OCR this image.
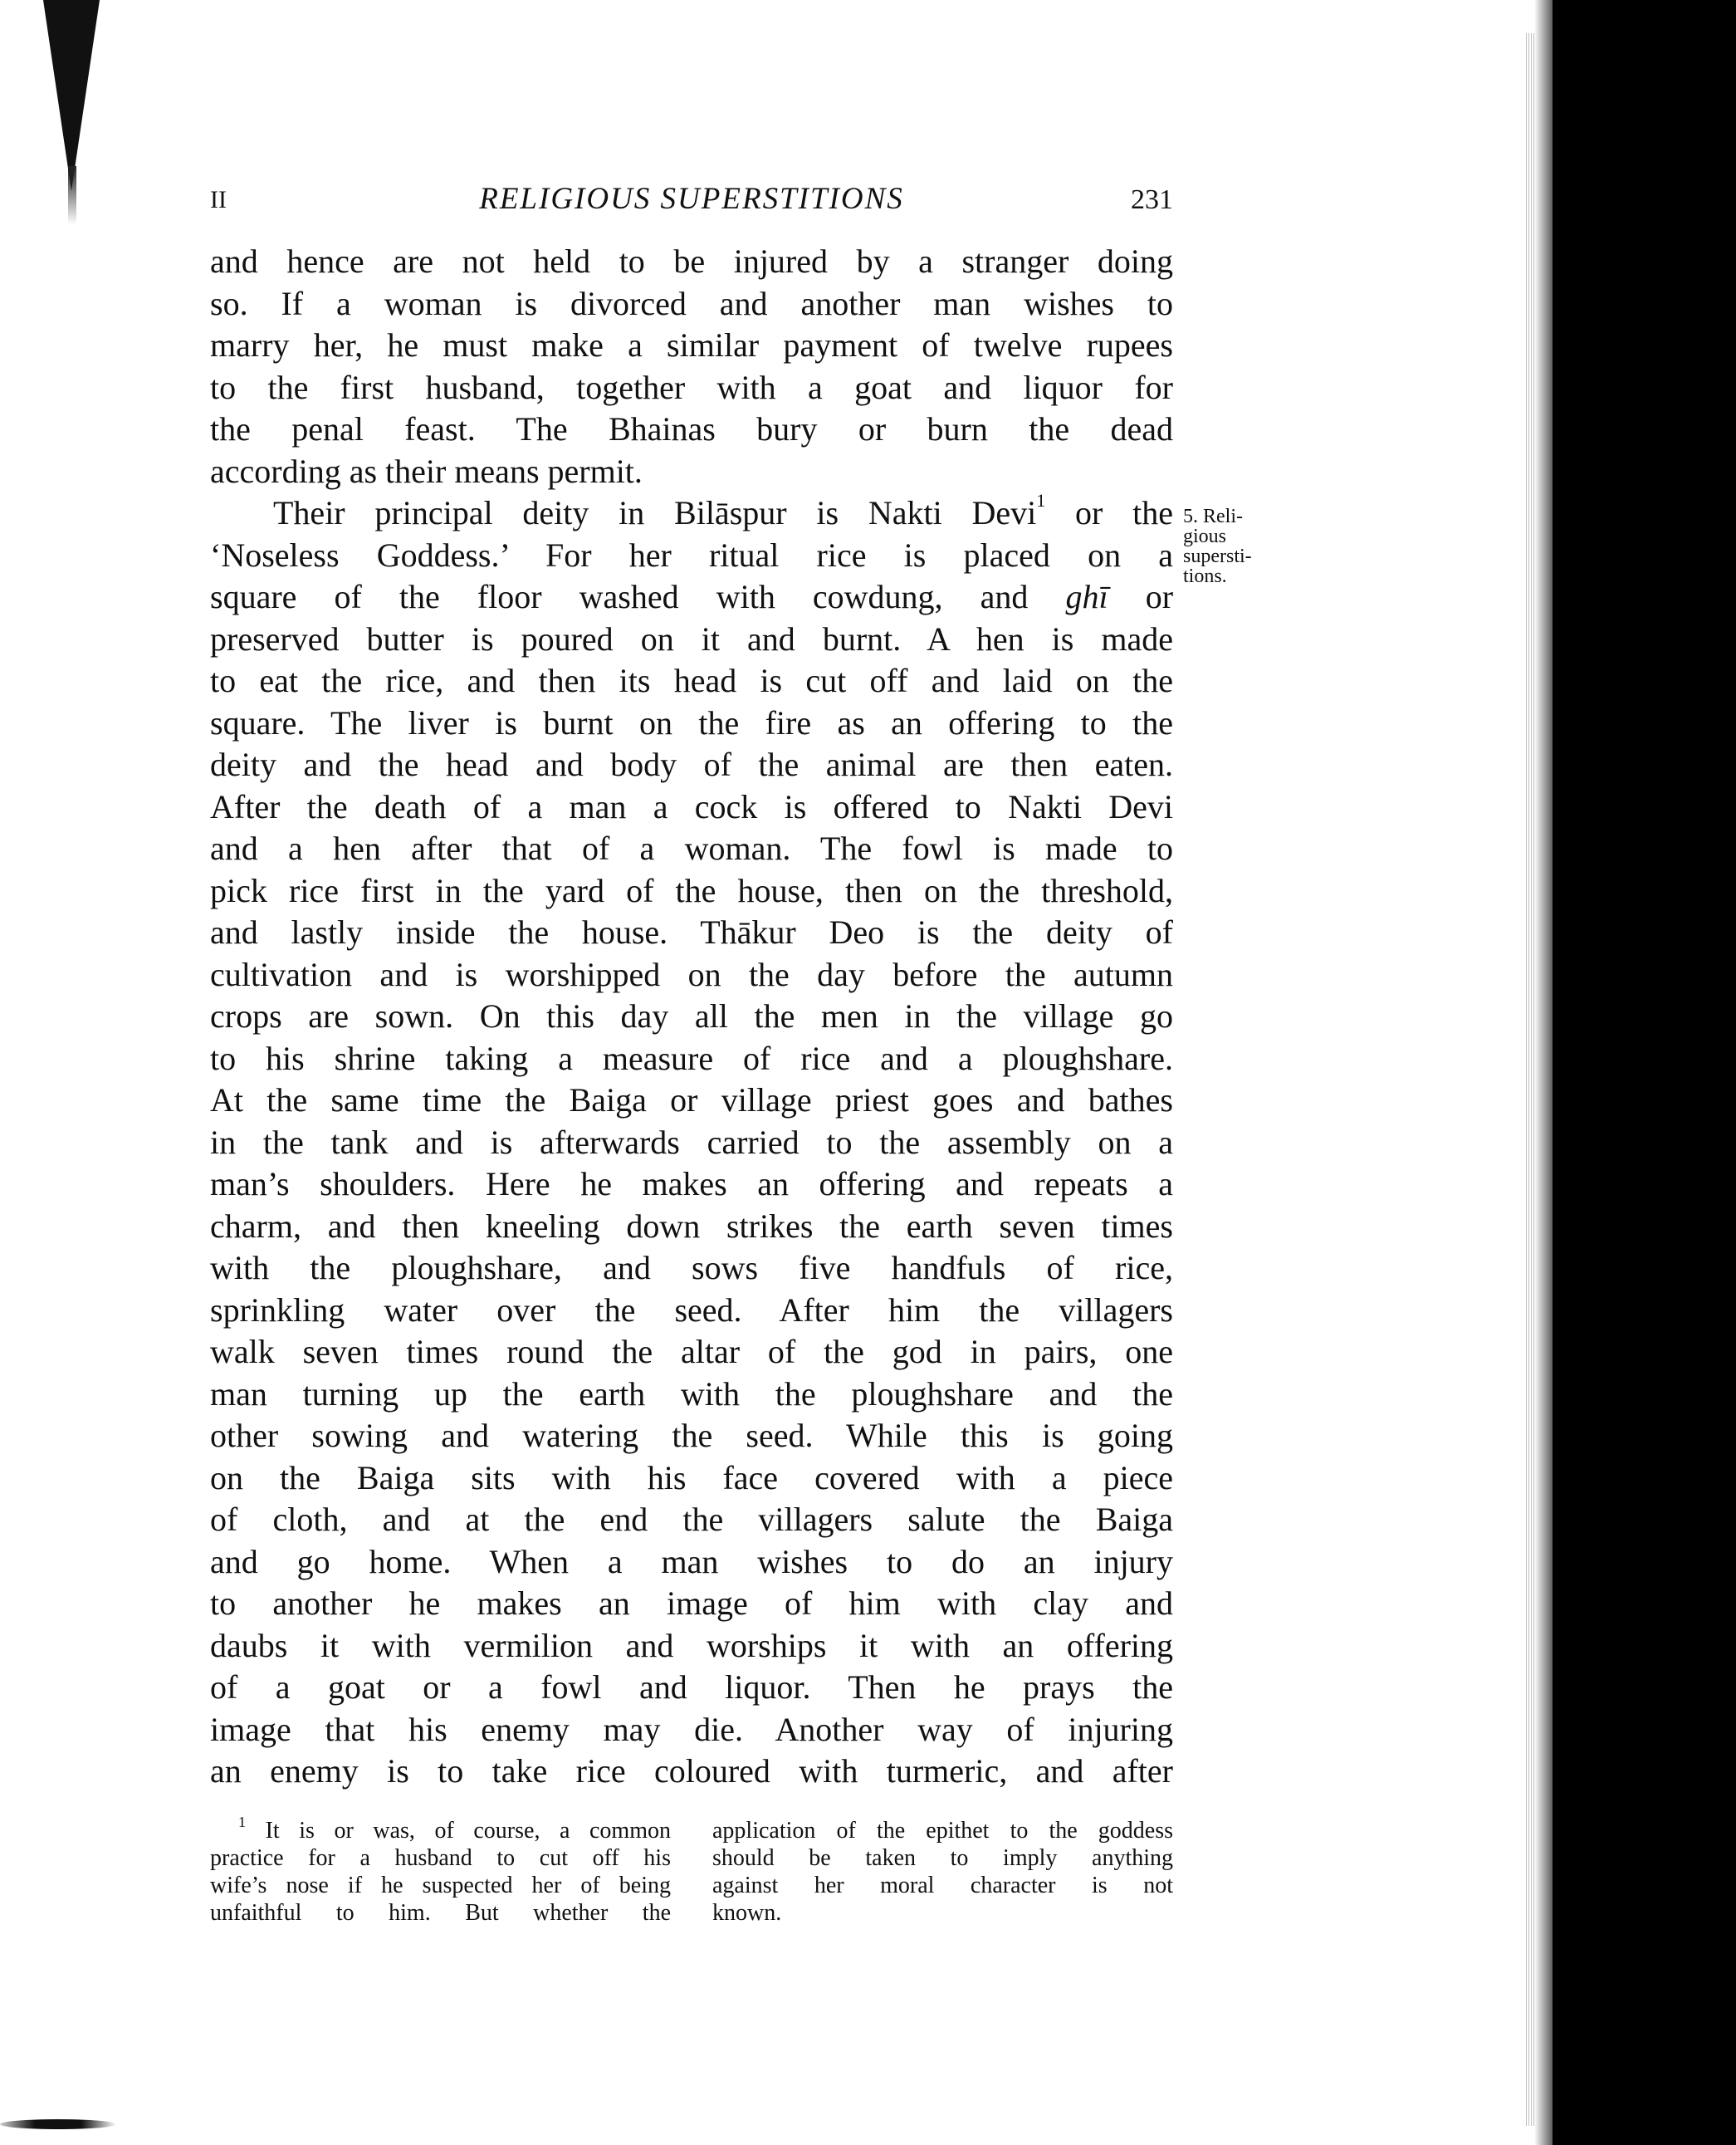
II	RELIGIOUS SUPERSTITIONS	231
5. Reli-
gious
supersti-
tions.
and hence are not held to be injured by a stranger doing
so. If a woman is divorced and another man wishes to
marry her, he must make a similar payment of twelve rupees
to the first husband, together with a goat and liquor for
the penal feast. The Bhainas bury or burn the dead
according as their means permit.
Their principal deity in Bilāspur is Nakti Devi$^1$ or the
‘Noseless Goddess.’ For her ritual rice is placed on a
square of the floor washed with cowdung, and ghī or
preserved butter is poured on it and burnt. A hen is made
to eat the rice, and then its head is cut off and laid on the
square. The liver is burnt on the fire as an offering to the
deity and the head and body of the animal are then eaten.
After the death of a man a cock is offered to Nakti Devi
and a hen after that of a woman. The fowl is made to
pick rice first in the yard of the house, then on the threshold,
and lastly inside the house. Thākur Deo is the deity of
cultivation and is worshipped on the day before the autumn
crops are sown. On this day all the men in the village go
to his shrine taking a measure of rice and a ploughshare.
At the same time the Baiga or village priest goes and bathes
in the tank and is afterwards carried to the assembly on a
man’s shoulders. Here he makes an offering and repeats a
charm, and then kneeling down strikes the earth seven times
with the ploughshare, and sows five handfuls of rice,
sprinkling water over the seed. After him the villagers
walk seven times round the altar of the god in pairs, one
man turning up the earth with the ploughshare and the
other sowing and watering the seed. While this is going
on the Baiga sits with his face covered with a piece
of cloth, and at the end the villagers salute the Baiga
and go home. When a man wishes to do an injury
to another he makes an image of him with clay and
daubs it with vermilion and worships it with an offering
of a goat or a fowl and liquor. Then he prays the
image that his enemy may die. Another way of injuring
an enemy is to take rice coloured with turmeric, and after
$^1$ It is or was, of course, a common
practice for a husband to cut off his
wife’s nose if he suspected her of being
unfaithful to him. But whether the
application of the epithet to the goddess
should be taken to imply anything
against her moral character is not
known.
